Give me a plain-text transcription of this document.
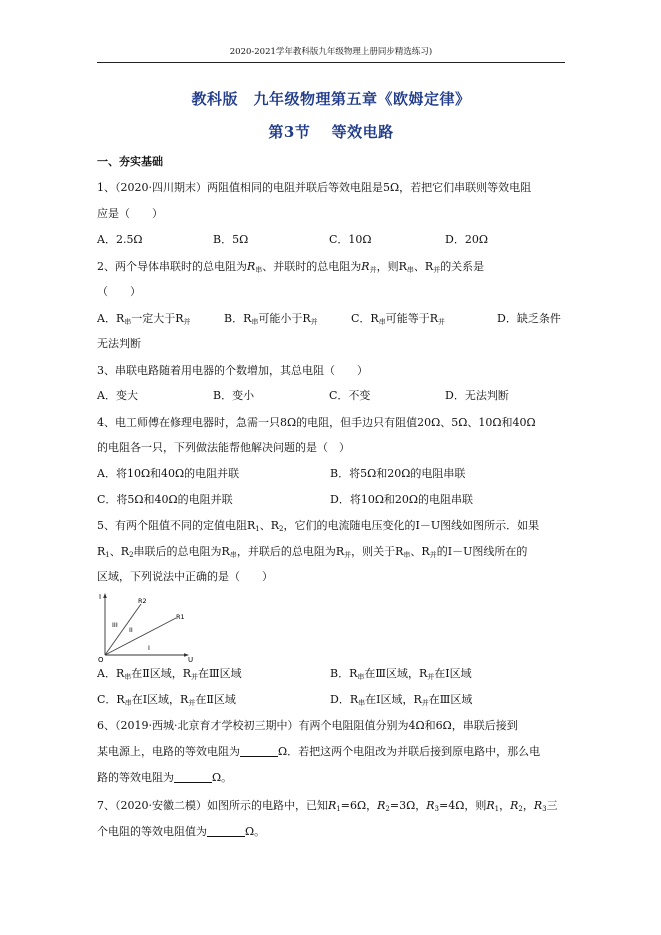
2020-2021学年教科版九年级物理上册同步精选练习)
教科版　九年级物理第五章《欧姆定律》
第3节　 等效电路
一、夯实基础
1、（2020·四川期末）两阻值相同的电阻并联后等效电阻是5Ω，若把它们串联则等效电阻
应是（　　）
A．2.5Ω	B．5Ω	C．10Ω	D．20Ω
2、两个导体串联时的总电阻为$R_串$、并联时的总电阻为$R_并$，则$R_串$、$R_并$的关系是
（　　）
A．$R_串$一定大于$R_并$	B．$R_串$可能小于$R_并$	C．$R_串$可能等于$R_并$	D．缺乏条件
无法判断
3、串联电路随着用电器的个数增加，其总电阻（　　）
A．变大	B．变小	C．不变	D．无法判断
4、电工师傅在修理电器时，急需一只8Ω的电阻，但手边只有阻值20Ω、5Ω、10Ω和40Ω
的电阻各一只，下列做法能帮他解决问题的是（　）
A．将10Ω和40Ω的电阻并联	B．将5Ω和20Ω的电阻串联
C．将5Ω和40Ω的电阻并联	D．将10Ω和20Ω的电阻串联
5、有两个阻值不同的定值电阻$R_1$、$R_2$，它们的电流随电压变化的I－U图线如图所示．如果
$R_1$、$R_2$串联后的总电阻为$R_串$，并联后的总电阻为$R_并$，则关于$R_串$、$R_并$的I－U图线所在的
区域，下列说法中正确的是（　　）
I
U
O
R2
R1
I
II
III
A．$R_串$在Ⅱ区域，$R_并$在Ⅲ区域	B．$R_串$在Ⅲ区域，$R_并$在Ⅰ区域
C．$R_串$在Ⅰ区域，$R_并$在Ⅱ区域	D．$R_串$在Ⅰ区域，$R_并$在Ⅲ区域
6、（2019·西城·北京育才学校初三期中）有两个电阻阻值分别为4Ω和6Ω，串联后接到
某电源上，电路的等效电阻为	Ω．若把这两个电阻改为并联后接到原电路中，那么电
路的等效电阻为	Ω。
7、（2020·安徽二模）如图所示的电路中，已知$R_1=6\Omega$，$R_2=3\Omega$，$R_3=4\Omega$，则$R_1$，$R_2$，$R_3$三
个电阻的等效电阻值为	Ω。
